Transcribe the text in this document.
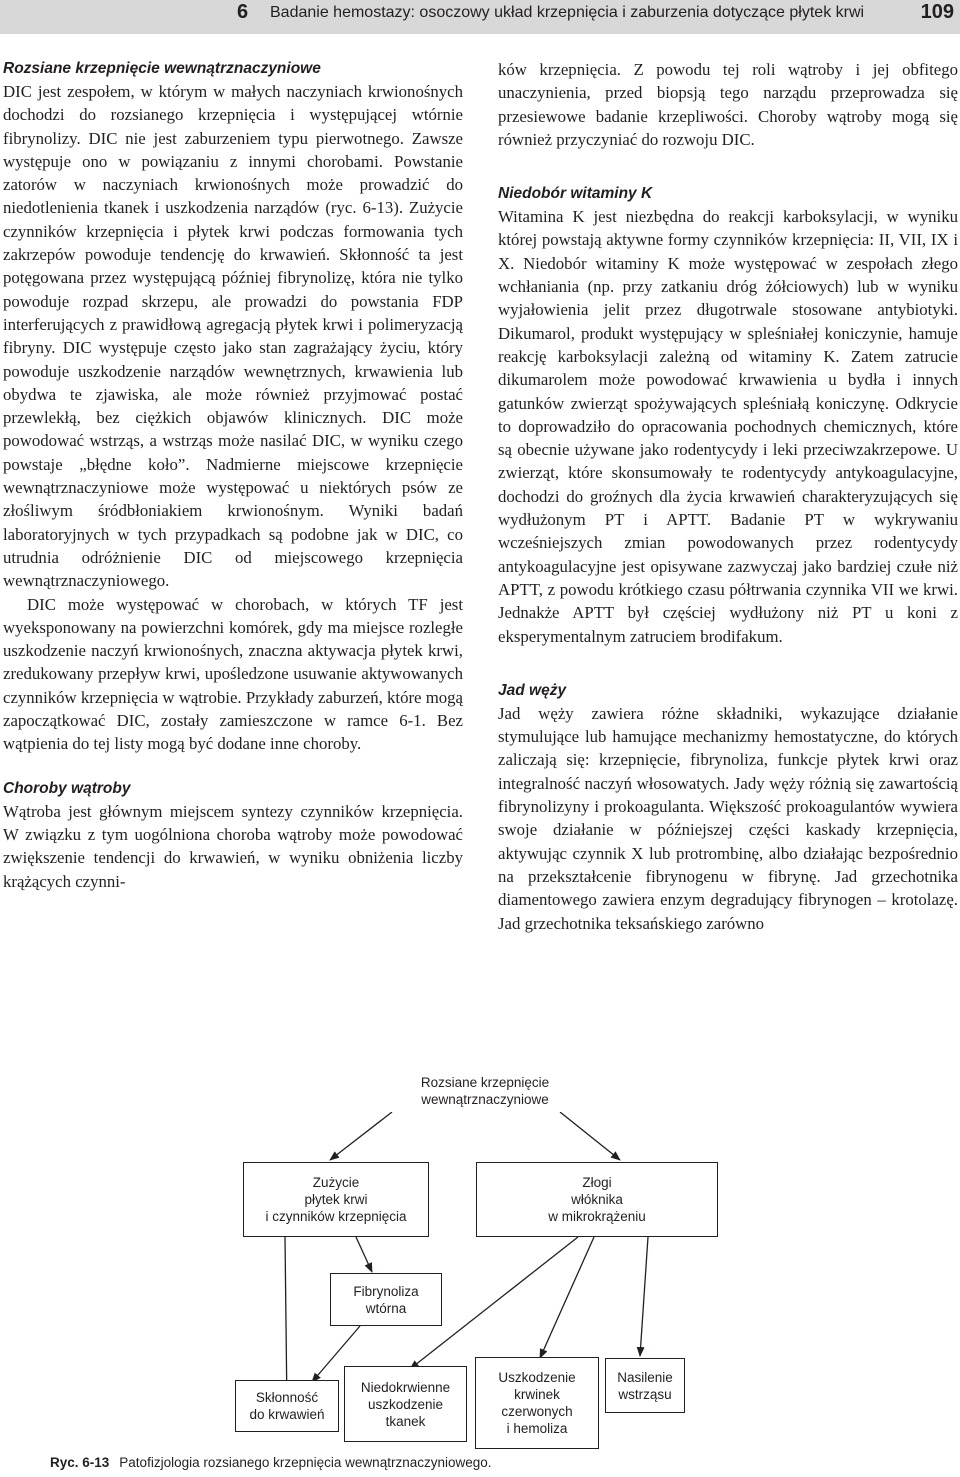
6 Badanie hemostazy: osoczowy układ krzepnięcia i zaburzenia dotyczące płytek krwi	109
Rozsiane krzepnięcie wewnątrznaczyniowe

DIC jest zespołem, w którym w małych naczyniach krwionośnych dochodzi do rozsianego krzepnięcia i występującej wtórnie fibrynolizy. DIC nie jest zaburzeniem typu pierwotnego. Zawsze występuje ono w powiązaniu z innymi chorobami. Powstanie zatorów w naczyniach krwionośnych może prowadzić do niedotlenienia tkanek i uszkodzenia narządów (ryc. 6-13). Zużycie czynników krzepnięcia i płytek krwi podczas formowania tych zakrzepów powoduje tendencję do krwawień. Skłonność ta jest potęgowana przez występującą później fibrynolizę, która nie tylko powoduje rozpad skrzepu, ale prowadzi do powstania FDP interferujących z prawidłową agregacją płytek krwi i polimeryzacją fibryny. DIC występuje często jako stan zagrażający życiu, który powoduje uszkodzenie narządów wewnętrznych, krwawienia lub obydwa te zjawiska, ale może również przyjmować postać przewlekłą, bez ciężkich objawów klinicznych. DIC może powodować wstrząs, a wstrząs może nasilać DIC, w wyniku czego powstaje „błędne koło”. Nadmierne miejscowe krzepnięcie wewnątrznaczyniowe może występować u niektórych psów ze złośliwym śródbłoniakiem krwionośnym. Wyniki badań laboratoryjnych w tych przypadkach są podobne jak w DIC, co utrudnia odróżnienie DIC od miejscowego krzepnięcia wewnątrznaczyniowego.

DIC może występować w chorobach, w których TF jest wyeksponowany na powierzchni komórek, gdy ma miejsce rozległe uszkodzenie naczyń krwionośnych, znaczna aktywacja płytek krwi, zredukowany przepływ krwi, upośledzone usuwanie aktywowanych czynników krzepnięcia w wątrobie. Przykłady zaburzeń, które mogą zapoczątkować DIC, zostały zamieszczone w ramce 6-1. Bez wątpienia do tej listy mogą być dodane inne choroby.

Choroby wątroby

Wątroba jest głównym miejscem syntezy czynników krzepnięcia. W związku z tym uogólniona choroba wątroby może powodować zwiększenie tendencji do krwawień, w wyniku obniżenia liczby krążących czynni-

ków krzepnięcia. Z powodu tej roli wątroby i jej obfitego unaczynienia, przed biopsją tego narządu przeprowadza się przesiewowe badanie krzepliwości. Choroby wątroby mogą się również przyczyniać do rozwoju DIC.

Niedobór witaminy K

Witamina K jest niezbędna do reakcji karboksylacji, w wyniku której powstają aktywne formy czynników krzepnięcia: II, VII, IX i X. Niedobór witaminy K może występować w zespołach złego wchłaniania (np. przy zatkaniu dróg żółciowych) lub w wyniku wyjałowienia jelit przez długotrwale stosowane antybiotyki. Dikumarol, produkt występujący w spleśniałej koniczynie, hamuje reakcję karboksylacji zależną od witaminy K. Zatem zatrucie dikumarolem może powodować krwawienia u bydła i innych gatunków zwierząt spożywających spleśniałą koniczynę. Odkrycie to doprowadziło do opracowania pochodnych chemicznych, które są obecnie używane jako rodentycydy i leki przeciwzakrzepowe. U zwierząt, które skonsumowały te rodentycydy antykoagulacyjne, dochodzi do groźnych dla życia krwawień charakteryzujących się wydłużonym PT i APTT. Badanie PT w wykrywaniu wcześniejszych zmian powodowanych przez rodentycydy antykoagulacyjne jest opisywane zazwyczaj jako bardziej czułe niż APTT, z powodu krótkiego czasu półtrwania czynnika VII we krwi. Jednakże APTT był częściej wydłużony niż PT u koni z eksperymentalnym zatruciem brodifakum.

Jad węży

Jad węży zawiera różne składniki, wykazujące działanie stymulujące lub hamujące mechanizmy hemostatyczne, do których zaliczają się: krzepnięcie, fibrynoliza, funkcje płytek krwi oraz integralność naczyń włosowatych. Jady węży różnią się zawartością fibrynolizyny i prokoagulanta. Większość prokoagulantów wywiera swoje działanie w późniejszej części kaskady krzepnięcia, aktywując czynnik X lub protrombinę, albo działając bezpośrednio na przekształcenie fibrynogenu w fibrynę. Jad grzechotnika diamentowego zawiera enzym degradujący fibrynogen – krotolazę. Jad grzechotnika teksańskiego zarówno

Rozsiane krzepnięcie
wewnątrznaczyniowe
Zużycie
płytek krwi
i czynników krzepnięcia
Złogi
włóknika
w mikrokrążeniu
Fibrynoliza
wtórna
Skłonność
do krwawień
Niedokrwienne
uszkodzenie
tkanek
Uszkodzenie
krwinek
czerwonych
i hemoliza
Nasilenie
wstrząsu
Ryc. 6-13 Patofizjologia rozsianego krzepnięcia wewnątrznaczyniowego.
